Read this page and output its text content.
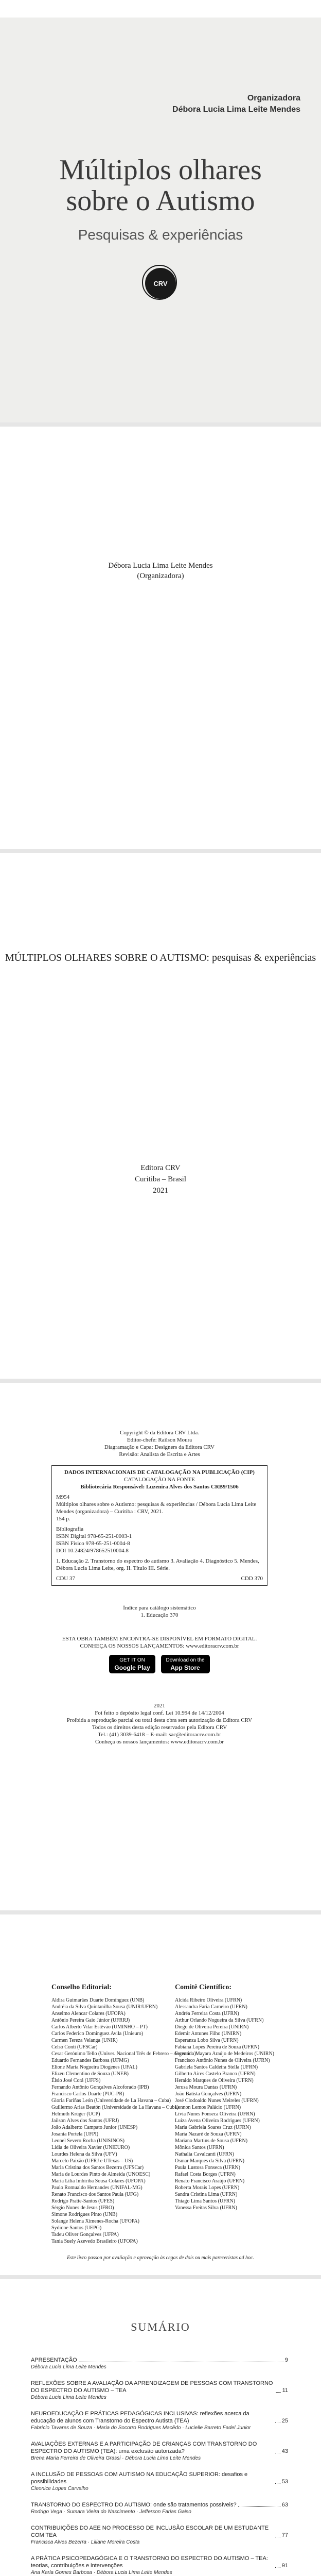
Organizadora
Débora Lucia Lima Leite Mendes
Múltiplos olhares
sobre o Autismo
Pesquisas & experiências
CRV
Débora Lucia Lima Leite Mendes
(Organizadora)
MÚLTIPLOS OLHARES SOBRE O AUTISMO: pesquisas & experiências
Editora CRV
Curitiba – Brasil
2021
Copyright © da Editora CRV Ltda.
Editor-chefe: Railson Moura
Diagramação e Capa: Designers da Editora CRV
Revisão: Analista de Escrita e Artes
DADOS INTERNACIONAIS DE CATALOGAÇÃO NA PUBLICAÇÃO (CIP)
CATALOGAÇÃO NA FONTE
Bibliotecária Responsável: Luzenira Alves dos Santos CRB9/1506
M954
Múltiplos olhares sobre o Autismo: pesquisas & experiências / Débora Lucia Lima Leite Mendes (organizadora) – Curitiba : CRV, 2021.
154 p.
Bibliografia
ISBN Digital 978-65-251-0003-1
ISBN Físico 978-65-251-0004-8
DOI 10.24824/978652510004.8
1. Educação 2. Transtorno do espectro do autismo 3. Avaliação 4. Diagnóstico 5. Mendes, Débora Lucia Lima Leite, org. II. Título III. Série.
CDU 37	CDD 370
Índice para catálogo sistemático
1. Educação 370
ESTA OBRA TAMBÉM ENCONTRA-SE DISPONÍVEL EM FORMATO DIGITAL.
CONHEÇA OS NOSSOS LANÇAMENTOS: www.editoracrv.com.br
GET IT ON
Google Play
Download on the
App Store
2021
Foi feito o depósito legal conf. Lei 10.994 de 14/12/2004
Proibida a reprodução parcial ou total desta obra sem autorização da Editora CRV
Todos os direitos desta edição reservados pela Editora CRV
Tel.: (41) 3039-6418 – E-mail: sac@editoracrv.com.br
Conheça os nossos lançamentos: www.editoracrv.com.br
Conselho Editorial:	Comitê Científico:
Aldira Guimarães Duarte Domínguez (UNB)
Andréia da Silva Quintanilha Sousa (UNIR/UFRN)
Anselmo Alencar Colares (UFOPA)
Antônio Pereira Gaio Júnior (UFRRJ)
Carlos Alberto Vilar Estêvão (UMINHO – PT)
Carlos Federico Dominguez Avila (Unieuro)
Carmen Tereza Velanga (UNIR)
Celso Conti (UFSCar)
Cesar Gerónimo Tello (Univer. Nacional Três de Febrero – Argentina)
Eduardo Fernandes Barbosa (UFMG)
Elione Maria Nogueira Diogenes (UFAL)
Elizeu Clementino de Souza (UNEB)
Élsio José Corá (UFFS)
Fernando Antônio Gonçalves Alcoforado (IPB)
Francisco Carlos Duarte (PUC-PR)
Gloria Fariñas León (Universidade de La Havana – Cuba)
Guillermo Arias Beatón (Universidade de La Havana – Cuba)
Helmuth Krüger (UCP)
Jailson Alves dos Santos (UFRJ)
João Adalberto Campato Junior (UNESP)
Josania Portela (UFPI)
Leonel Severo Rocha (UNISINOS)
Lídia de Oliveira Xavier (UNIEURO)
Lourdes Helena da Silva (UFV)
Marcelo Paixão (UFRJ e UTexas – US)
Maria Cristina dos Santos Bezerra (UFSCar)
Maria de Lourdes Pinto de Almeida (UNOESC)
Maria Lília Imbiriba Sousa Colares (UFOPA)
Paulo Romualdo Hernandes (UNIFAL-MG)
Renato Francisco dos Santos Paula (UFG)
Rodrigo Pratte-Santos (UFES)
Sérgio Nunes de Jesus (IFRO)
Simone Rodrigues Pinto (UNB)
Solange Helena Ximenes-Rocha (UFOPA)
Sydione Santos (UEPG)
Tadeu Oliver Gonçalves (UFPA)
Tania Suely Azevedo Brasileiro (UFOPA)
Alcida Ribeiro Oliveira (UFRN)
Alessandra Faria Carneiro (UFRN)
Andréa Ferreira Costa (UFRN)
Arthur Orlando Nogueira da Silva (UFRN)
Diego de Oliveira Pereira (UNIRN)
Edemir Antunes Filho (UNIRN)
Esperanza Lobo Silva (UFRN)
Fabiana Lopes Pereira de Souza (UFRN)
Fernanda Mayara Araújo de Medeiros (UNIRN)
Francisco Antônio Nunes de Oliveira (UFRN)
Gabriela Santos Caldeira Stella (UFRN)
Gilberto Aires Castelo Branco (UFRN)
Heraldo Marques de Oliveira (UFRN)
Jerusa Moura Dantas (UFRN)
João Batista Gonçalves (UFRN)
José Clodoaldo Nunes Meireles (UFRN)
Lennon Lemos Palácio (UFRN)
Lívia Nunes Fonseca Oliveira (UFRN)
Luiza Avena Oliveira Rodrigues (UFRN)
Maria Gabriela Soares Cruz (UFRN)
Maria Nazaré de Souza (UFRN)
Mariana Martins de Sousa (UFRN)
Mônica Santos (UFRN)
Nathalia Cavalcanti (UFRN)
Osmar Marques da Silva (UFRN)
Paula Lustosa Fonseca (UFRN)
Rafael Costa Borges (UFRN)
Renato Francisco Araújo (UFRN)
Roberta Morais Lopes (UFRN)
Sandra Cristina Lima (UFRN)
Thiago Lima Santos (UFRN)
Vanessa Freitas Silva (UFRN)
Este livro passou por avaliação e aprovação às cegas de dois ou mais pareceristas ad hoc.
SUMÁRIO
APRESENTAÇÃO	9
Débora Lucia Lima Leite Mendes
REFLEXÕES SOBRE A AVALIAÇÃO DA APRENDIZAGEM DE PESSOAS COM TRANSTORNO DO ESPECTRO DO AUTISMO – TEA	11
Débora Lucia Lima Leite Mendes
NEUROEDUCAÇÃO E PRÁTICAS PEDAGÓGICAS INCLUSIVAS: reflexões acerca da educação de alunos com Transtorno do Espectro Autista (TEA)	25
Fabrício Tavares de Souza · Maria do Socorro Rodrigues Macêdo · Lucielle Barreto Fadel Junior
AVALIAÇÕES EXTERNAS E A PARTICIPAÇÃO DE CRIANÇAS COM TRANSTORNO DO ESPECTRO DO AUTISMO (TEA): uma exclusão autorizada?	43
Brena Maria Ferreira de Oliveira Grassi · Débora Lucia Lima Leite Mendes
A INCLUSÃO DE PESSOAS COM AUTISMO NA EDUCAÇÃO SUPERIOR: desafios e possibilidades	53
Cleonice Lopes Carvalho
TRANSTORNO DO ESPECTRO DO AUTISMO: onde são tratamentos possíveis?	63
Rodrigo Vega · Sumara Vieira do Nascimento · Jefferson Farias Gaiso
CONTRIBUIÇÕES DO AEE NO PROCESSO DE INCLUSÃO ESCOLAR DE UM ESTUDANTE COM TEA	77
Francisca Alves Bezerra · Liliane Moreira Costa
A PRÁTICA PSICOPEDAGÓGICA E O TRANSTORNO DO ESPECTRO DO AUTISMO – TEA: teorias, contribuições e intervenções	91
Ana Karla Gomes Barbosa · Débora Lucia Lima Leite Mendes
